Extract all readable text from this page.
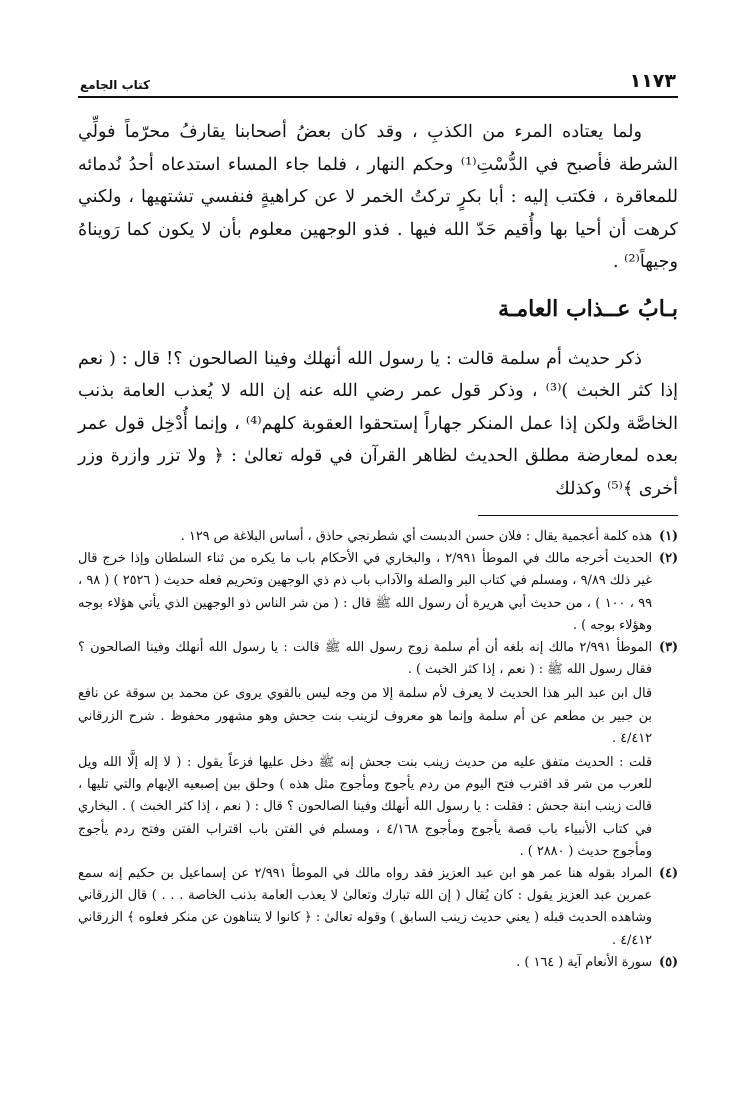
١١٧٣
كتاب الجامع

ولما يعتاده المرء من الكذبِ ، وقد كان بعضُ أصحابنا يقارفُ محرّماً فولِّي الشرطة فأصبح في الدُّسْتِ⁽¹⁾ وحكم النهار ، فلما جاء المساء استدعاه أحدُ نُدمائه للمعاقرة ، فكتب إليه : أبا بكرٍ تركتُ الخمر لا عن كراهيةٍ فنفسي تشتهيها ، ولكني كرهت أن أحيا بها وأُقيم حَدّ الله فيها . فذو الوجهين معلوم بأن لا يكون كما رَويناهُ وجيهاً⁽²⁾ .

بـابُ عــذاب العامـة

ذكر حديث أم سلمة قالت : يا رسول الله أنهلك وفينا الصالحون ؟! قال : ( نعم إذا كثر الخبث )⁽³⁾ ، وذكر قول عمر رضي الله عنه إن الله لا يُعذب العامة بذنب الخاصَّة ولكن إذا عمل المنكر جهاراً إستحقوا العقوبة كلهم⁽⁴⁾ ، وإنما أُدْخِل قول عمر بعده لمعارضة مطلق الحديث لظاهر القرآن في قوله تعالىٰ : ﴿ ولا تزر وازرة وزر أخرى ﴾⁽⁵⁾ وكذلك

(١)

هذه كلمة أعجمية يقال : فلان حسن الدبست أي شطرنجي حاذق ، أساس البلاغة ص ١٢٩ .

(٢)

الحديث أخرجه مالك في الموطأ ٢/٩٩١ ، والبخاري في الأحكام باب ما يكره من ثناء السلطان وإذا خرج قال غير ذلك ٩/٨٩ ، ومسلم في كتاب البر والصلة والآداب باب ذم ذي الوجهين وتحريم فعله حديث ( ٢٥٢٦ ) ( ٩٨ ، ٩٩ ، ١٠٠ ) ، من حديث أبي هريرة أن رسول الله ﷺ قال : ( من شر الناس ذو الوجهين الذي يأتي هؤلاء بوجه وهؤلاء بوجه ) .

(٣)

الموطأ ٢/٩٩١ مالك إنه بلغه أن أم سلمة زوج رسول الله ﷺ قالت : يا رسول الله أنهلك وفينا الصالحون ؟ فقال رسول الله ﷺ : ( نعم ، إذا كثر الخبث ) .

قال ابن عبد البر هذا الحديث لا يعرف لأم سلمة إلا من وجه ليس بالقوي يروى عن محمد بن سوقة عن نافع بن جبير بن مطعم عن أم سلمة وإنما هو معروف لزينب بنت جحش وهو مشهور محفوظ . شرح الزرقاني ٤/٤١٢ .

قلت : الحديث متفق عليه من حديث زينب بنت جحش إنه ﷺ دخل عليها فزعاً يقول : ( لا إله إلَّا الله ويل للعرب من شر قد اقترب فتح اليوم من ردم يأجوج ومأجوج مثل هذه ) وحلق بين إصبعيه الإبهام والتي تليها ، قالت زينب ابنة جحش : فقلت : يا رسول الله أنهلك وفينا الصالحون ؟ قال : ( نعم ، إذا كثر الخبث ) . البخاري في كتاب الأنبياء باب قصة يأجوج ومأجوج ٤/١٦٨ ، ومسلم في الفتن باب اقتراب الفتن وفتح ردم يأجوج ومأجوج حديث ( ٢٨٨٠ ) .

(٤)

المراد بقوله هنا عمر هو ابن عبد العزيز فقد رواه مالك في الموطأ ٢/٩٩١ عن إسماعيل بن حكيم إنه سمع عمربن عبد العزيز يقول : كان يُقال ( إن الله تبارك وتعالىٰ لا يعذب العامة بذنب الخاصة . . . ) قال الزرقاني وشاهده الحديث قبله ( يعني حديث زينب السابق ) وقوله تعالىٰ : ﴿ كانوا لا يتناهون عن منكر فعلوه ﴾ الزرقاني ٤/٤١٢ .

(٥)

سورة الأنعام آية ( ١٦٤ ) .
